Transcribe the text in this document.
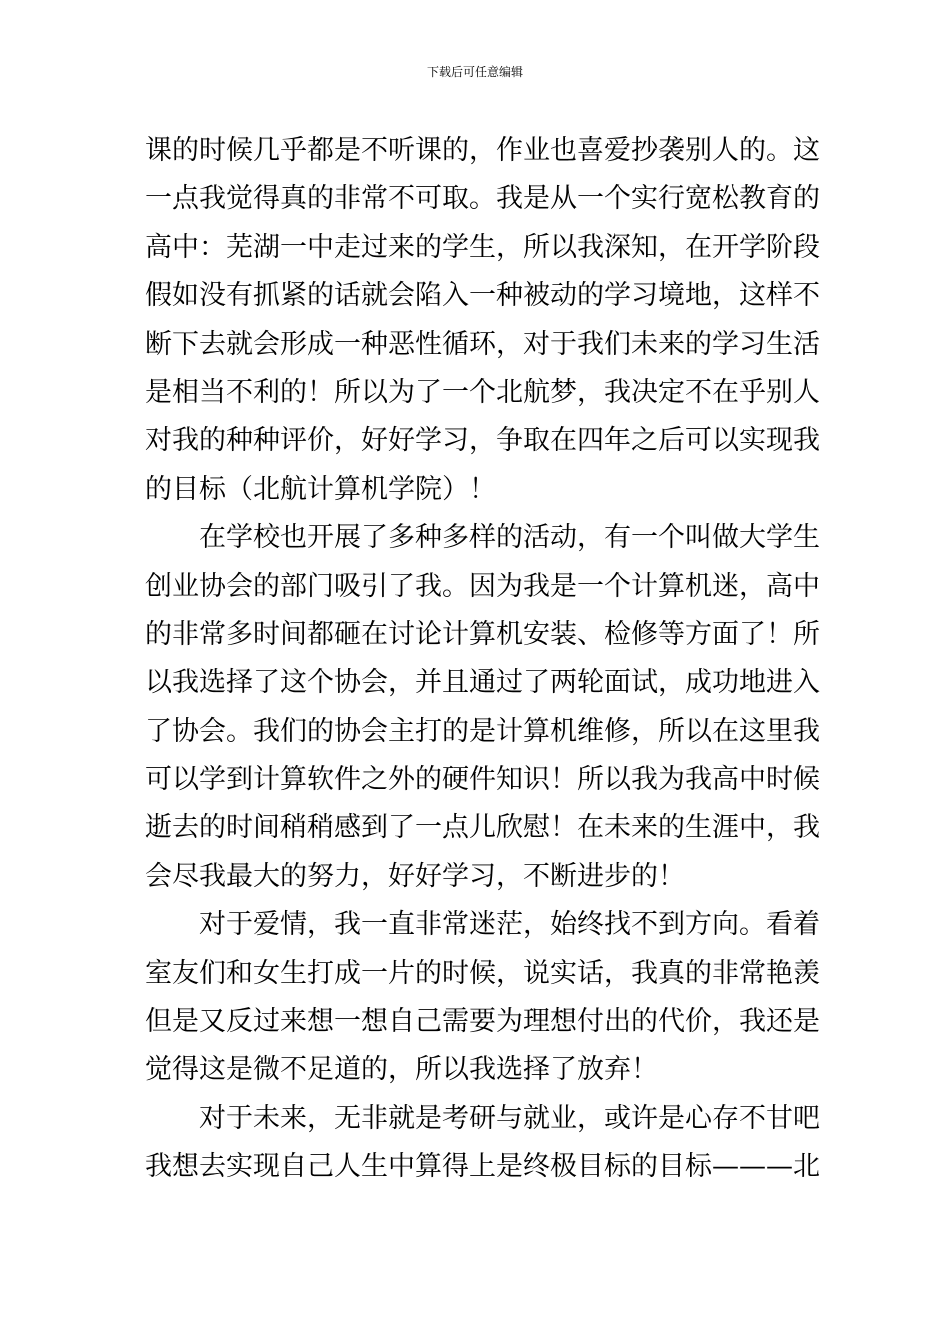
下载后可任意编辑
课的时候几乎都是不听课的，作业也喜爱抄袭别人的。这
一点我觉得真的非常不可取。我是从一个实行宽松教育的
高中：芜湖一中走过来的学生，所以我深知，在开学阶段
假如没有抓紧的话就会陷入一种被动的学习境地，这样不
断下去就会形成一种恶性循环，对于我们未来的学习生活
是相当不利的！所以为了一个北航梦，我决定不在乎别人
对我的种种评价，好好学习，争取在四年之后可以实现我
的目标（北航计算机学院）！
在学校也开展了多种多样的活动，有一个叫做大学生
创业协会的部门吸引了我。因为我是一个计算机迷，高中
的非常多时间都砸在讨论计算机安装、检修等方面了！所
以我选择了这个协会，并且通过了两轮面试，成功地进入
了协会。我们的协会主打的是计算机维修，所以在这里我
可以学到计算软件之外的硬件知识！所以我为我高中时候
逝去的时间稍稍感到了一点儿欣慰！在未来的生涯中，我
会尽我最大的努力，好好学习，不断进步的！
对于爱情，我一直非常迷茫，始终找不到方向。看着
室友们和女生打成一片的时候，说实话，我真的非常艳羡
但是又反过来想一想自己需要为理想付出的代价，我还是
觉得这是微不足道的，所以我选择了放弃！
对于未来，无非就是考研与就业，或许是心存不甘吧
我想去实现自己人生中算得上是终极目标的目标———北
